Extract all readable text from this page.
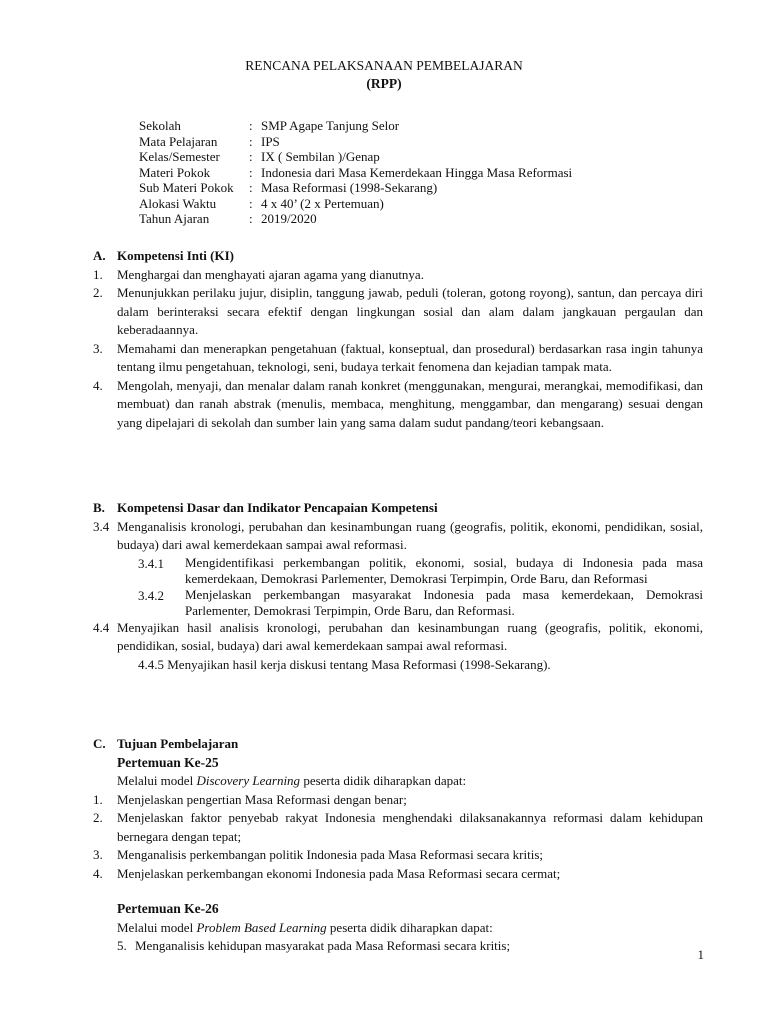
RENCANA PELAKSANAAN PEMBELAJARAN
(RPP)
Sekolah	: SMP Agape Tanjung Selor
Mata Pelajaran	: IPS
Kelas/Semester	: IX ( Sembilan )/Genap
Materi Pokok	: Indonesia dari Masa Kemerdekaan Hingga Masa Reformasi
Sub Materi Pokok	: Masa Reformasi (1998-Sekarang)
Alokasi Waktu	: 4 x 40’ (2 x Pertemuan)
Tahun Ajaran	: 2019/2020
A. Kompetensi Inti (KI)
1.	Menghargai dan menghayati ajaran agama yang dianutnya.
2.	Menunjukkan perilaku jujur, disiplin, tanggung jawab, peduli (toleran, gotong royong), santun, dan percaya diri dalam berinteraksi secara efektif dengan lingkungan sosial dan alam dalam jangkauan pergaulan dan keberadaannya.
3.	Memahami dan menerapkan pengetahuan (faktual, konseptual, dan prosedural) berdasarkan rasa ingin tahunya tentang ilmu pengetahuan, teknologi, seni, budaya terkait fenomena dan kejadian tampak mata.
4.	Mengolah, menyaji, dan menalar dalam ranah konkret (menggunakan, mengurai, merangkai, memodifikasi, dan membuat) dan ranah abstrak (menulis, membaca, menghitung, menggambar, dan mengarang) sesuai dengan yang dipelajari di sekolah dan sumber lain yang sama dalam sudut pandang/teori kebangsaan.
B. Kompetensi Dasar dan Indikator Pencapaian Kompetensi
3.4 Menganalisis kronologi, perubahan dan kesinambungan ruang (geografis, politik, ekonomi, pendidikan, sosial, budaya) dari awal kemerdekaan sampai awal reformasi.
3.4.1	Mengidentifikasi perkembangan politik, ekonomi, sosial, budaya di Indonesia pada masa kemerdekaan, Demokrasi Parlementer, Demokrasi Terpimpin, Orde Baru, dan Reformasi
3.4.2	Menjelaskan perkembangan masyarakat Indonesia pada masa kemerdekaan, Demokrasi Parlementer, Demokrasi Terpimpin, Orde Baru, dan Reformasi.
4.4 Menyajikan hasil analisis kronologi, perubahan dan kesinambungan ruang (geografis, politik, ekonomi, pendidikan, sosial, budaya) dari awal kemerdekaan sampai awal reformasi.
4.4.5 Menyajikan hasil kerja diskusi tentang Masa Reformasi (1998-Sekarang).
C. Tujuan Pembelajaran
Pertemuan Ke-25
Melalui model Discovery Learning peserta didik diharapkan dapat:
1.	Menjelaskan pengertian Masa Reformasi dengan benar;
2.	Menjelaskan faktor penyebab rakyat Indonesia menghendaki dilaksanakannya reformasi dalam kehidupan bernegara dengan tepat;
3.	Menganalisis perkembangan politik Indonesia pada Masa Reformasi secara kritis;
4.	Menjelaskan perkembangan ekonomi Indonesia pada Masa Reformasi secara cermat;
Pertemuan Ke-26
Melalui model Problem Based Learning peserta didik diharapkan dapat:
5. Menganalisis kehidupan masyarakat pada Masa Reformasi secara kritis;
1
